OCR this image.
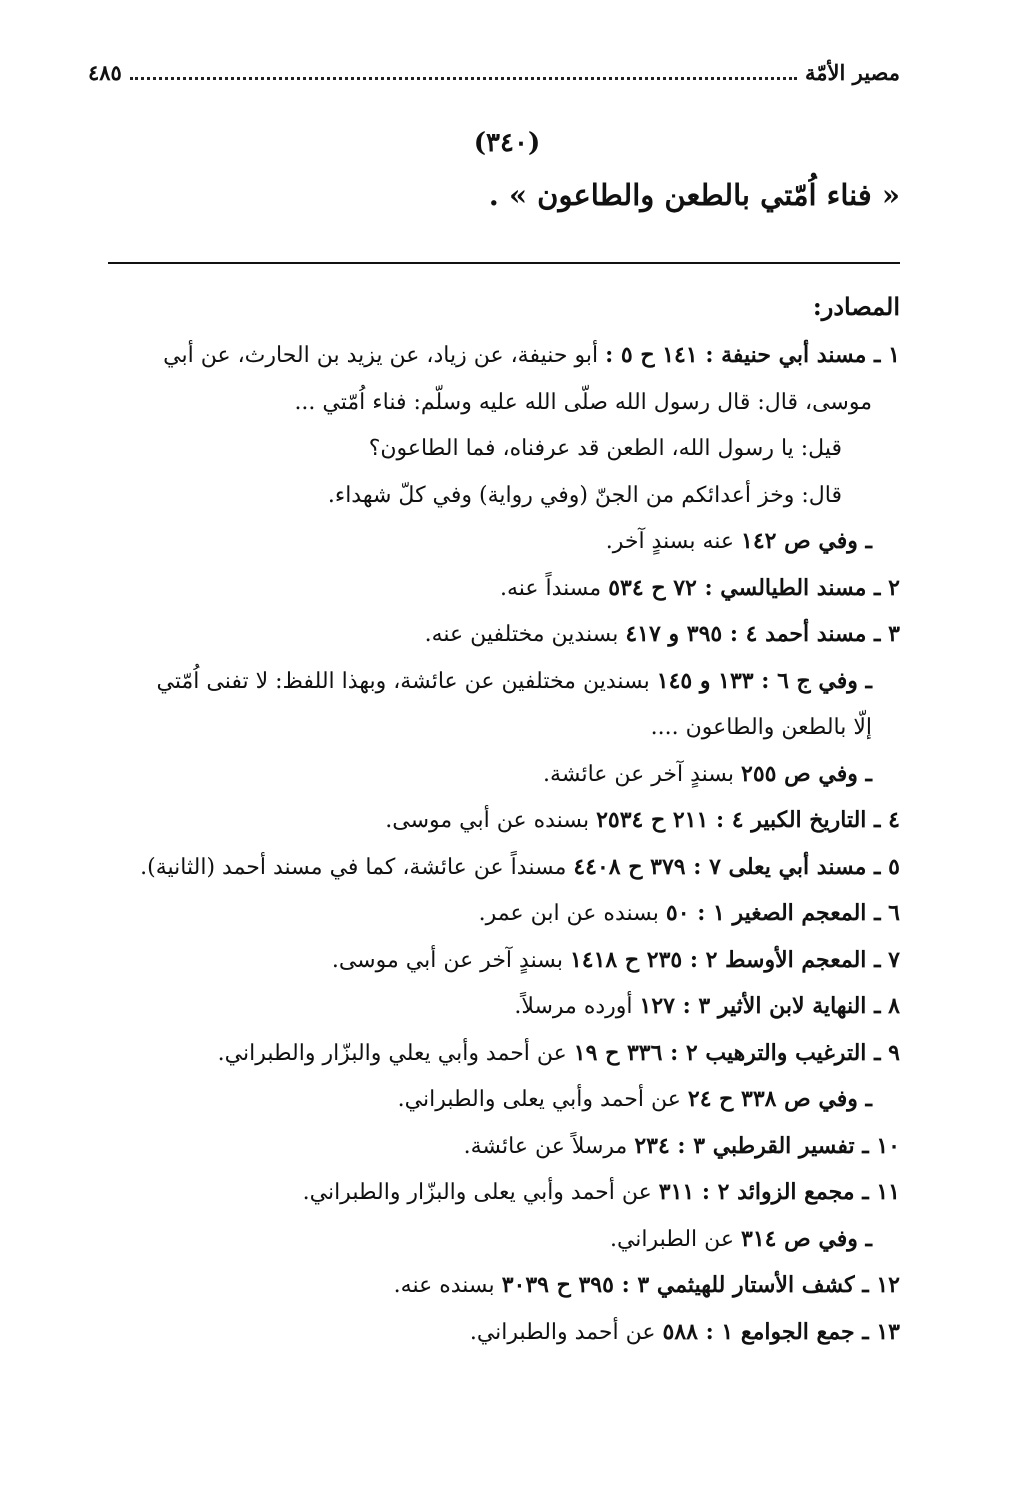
مصير الأمّة
٤٨٥
(٣٤٠)
« فناء اُمّتي بالطعن والطاعون » .
المصادر:
١ ـ مسند أبي حنيفة : ١٤١ ح ٥ : أبو حنيفة، عن زياد، عن يزيد بن الحارث، عن أبي
موسى، قال: قال رسول الله صلّى الله عليه وسلّم: فناء اُمّتي ...
قيل: يا رسول الله، الطعن قد عرفناه، فما الطاعون؟
قال: وخز أعدائكم من الجنّ (وفي رواية) وفي كلّ شهداء.
ـ وفي ص ١٤٢ عنه بسندٍ آخر.
٢ ـ مسند الطيالسي : ٧٢ ح ٥٣٤ مسنداً عنه.
٣ ـ مسند أحمد ٤ : ٣٩٥ و ٤١٧ بسندين مختلفين عنه.
ـ وفي ج ٦ : ١٣٣ و ١٤٥ بسندين مختلفين عن عائشة، وبهذا اللفظ: لا تفنى اُمّتي
إلّا بالطعن والطاعون ....
ـ وفي ص ٢٥٥ بسندٍ آخر عن عائشة.
٤ ـ التاريخ الكبير ٤ : ٢١١ ح ٢٥٣٤ بسنده عن أبي موسى.
٥ ـ مسند أبي يعلى ٧ : ٣٧٩ ح ٤٤٠٨ مسنداً عن عائشة، كما في مسند أحمد (الثانية).
٦ ـ المعجم الصغير ١ : ٥٠ بسنده عن ابن عمر.
٧ ـ المعجم الأوسط ٢ : ٢٣٥ ح ١٤١٨ بسندٍ آخر عن أبي موسى.
٨ ـ النهاية لابن الأثير ٣ : ١٢٧ أورده مرسلاً.
٩ ـ الترغيب والترهيب ٢ : ٣٣٦ ح ١٩ عن أحمد وأبي يعلي والبزّار والطبراني.
ـ وفي ص ٣٣٨ ح ٢٤ عن أحمد وأبي يعلى والطبراني.
١٠ ـ تفسير القرطبي ٣ : ٢٣٤ مرسلاً عن عائشة.
١١ ـ مجمع الزوائد ٢ : ٣١١ عن أحمد وأبي يعلى والبزّار والطبراني.
ـ وفي ص ٣١٤ عن الطبراني.
١٢ ـ كشف الأستار للهيثمي ٣ : ٣٩٥ ح ٣٠٣٩ بسنده عنه.
١٣ ـ جمع الجوامع ١ : ٥٨٨ عن أحمد والطبراني.
